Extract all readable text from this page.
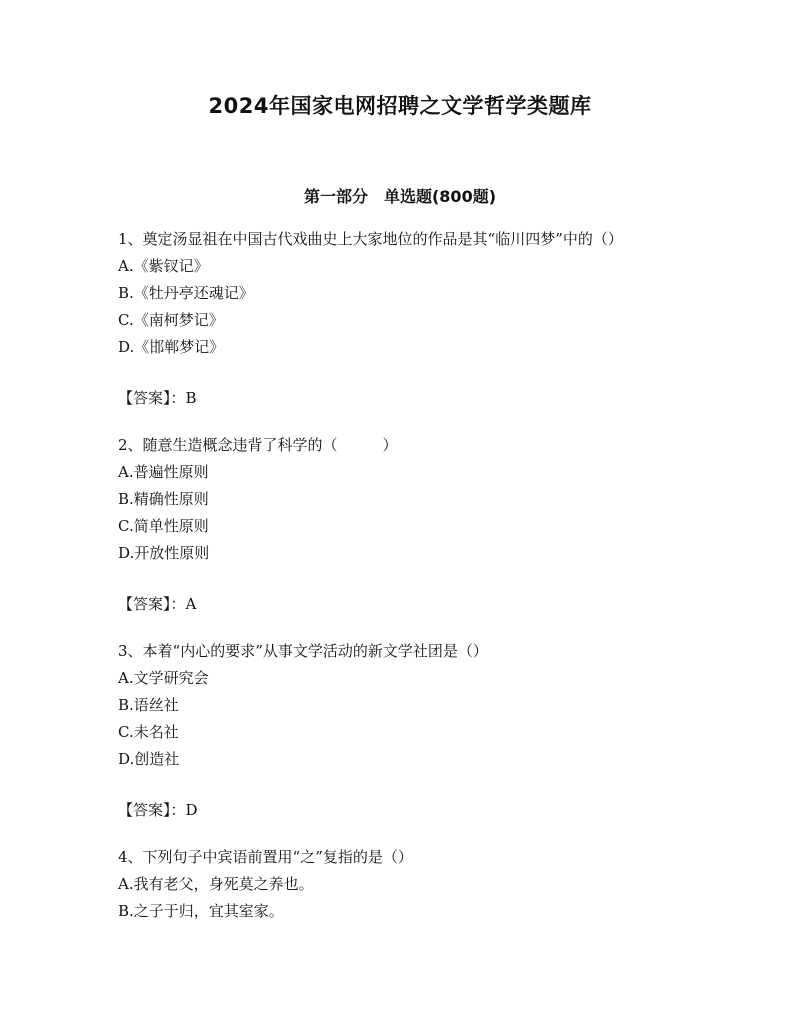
2024年国家电网招聘之文学哲学类题库
第一部分　单选题(800题)

1、奠定汤显祖在中国古代戏曲史上大家地位的作品是其“临川四梦”中的（）

A.《紫钗记》

B.《牡丹亭还魂记》

C.《南柯梦记》

D.《邯郸梦记》

【答案】：B

2、随意生造概念违背了科学的（　　　）

A.普遍性原则

B.精确性原则

C.简单性原则

D.开放性原则

【答案】：A

3、本着“内心的要求”从事文学活动的新文学社团是（）

A.文学研究会

B.语丝社

C.未名社

D.创造社

【答案】：D

4、下列句子中宾语前置用“之”复指的是（）

A.我有老父，身死莫之养也。

B.之子于归，宜其室家。
